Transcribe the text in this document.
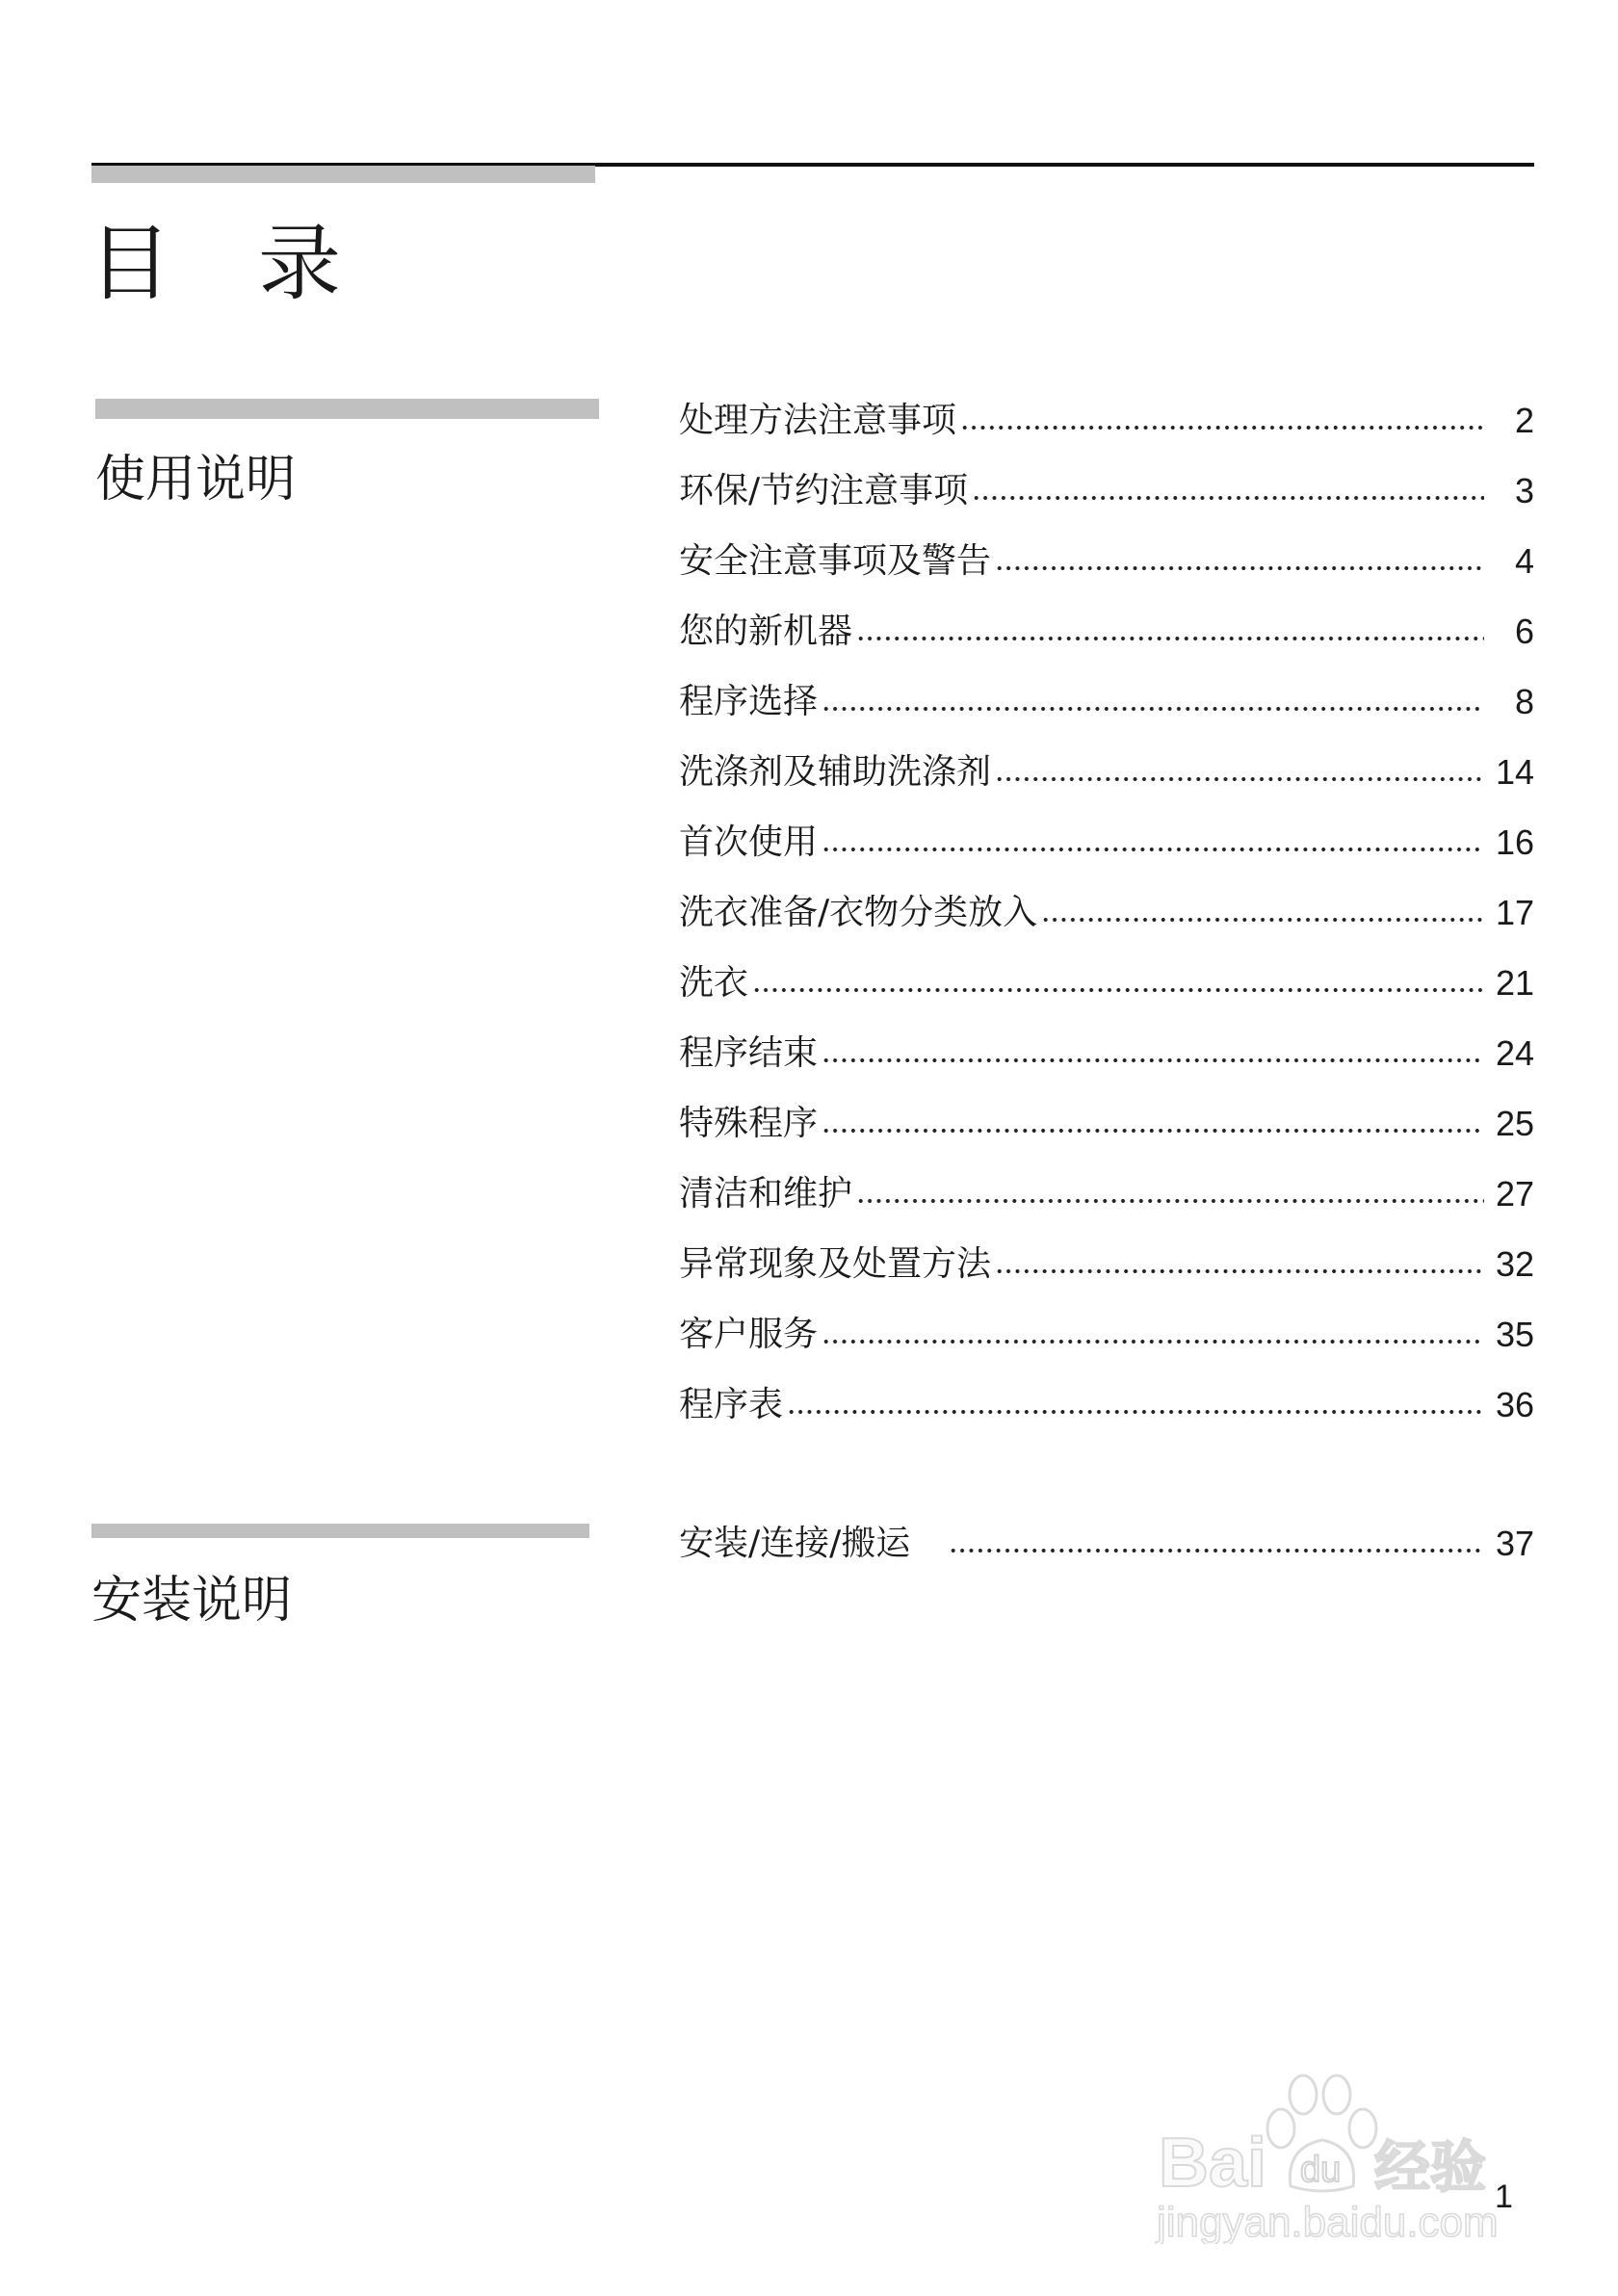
目 录
使用说明
处理方法注意事项	2
环保/节约注意事项	3
安全注意事项及警告	4
您的新机器	6
程序选择	8
洗涤剂及辅助洗涤剂	14
首次使用	16
洗衣准备/衣物分类放入	17
洗衣	21
程序结束	24
特殊程序	25
清洁和维护	27
异常现象及处置方法	32
客户服务	35
程序表	36
安装说明
安装/连接/搬运	37
Bai du 经验
jingyan.baidu.com
1
